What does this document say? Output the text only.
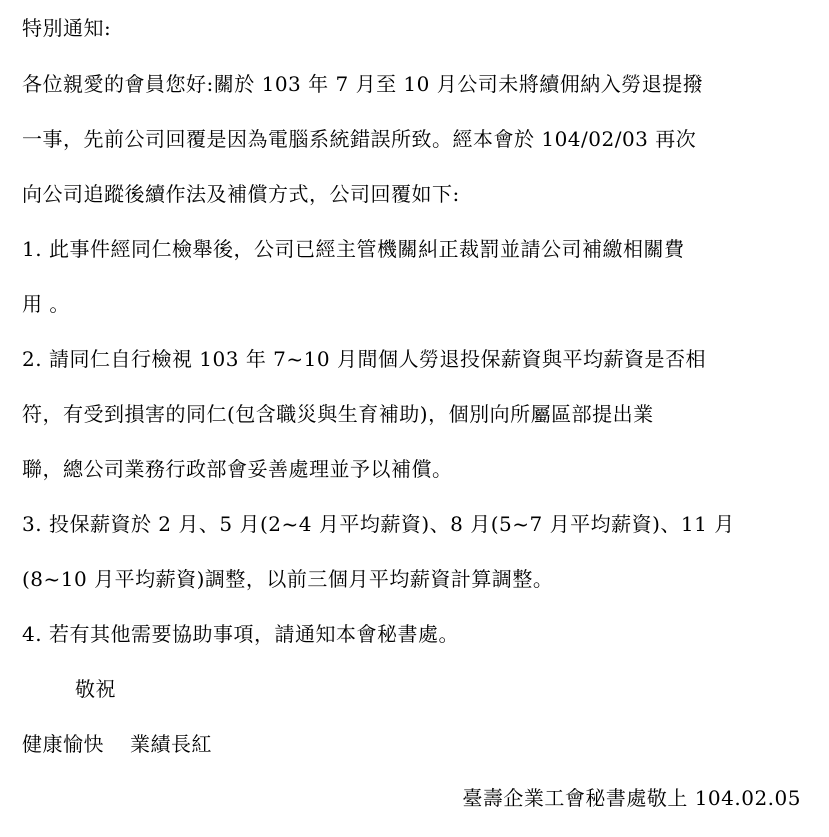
特別通知:
各位親愛的會員您好:關於 103 年 7 月至 10 月公司未將續佣納入勞退提撥
一事，先前公司回覆是因為電腦系統錯誤所致。經本會於 104/02/03 再次
向公司追蹤後續作法及補償方式，公司回覆如下:
1. 此事件經同仁檢舉後，公司已經主管機關糾正裁罰並請公司補繳相關費
用 。
2. 請同仁自行檢視 103 年 7~10 月間個人勞退投保薪資與平均薪資是否相
符，有受到損害的同仁(包含職災與生育補助)，個別向所屬區部提出業
聯，總公司業務行政部會妥善處理並予以補償。
3. 投保薪資於 2 月、5 月(2~4 月平均薪資)、8 月(5~7 月平均薪資)、11 月
(8~10 月平均薪資)調整，以前三個月平均薪資計算調整。
4. 若有其他需要協助事項，請通知本會秘書處。
敬祝
健康愉快 業績長紅
臺壽企業工會秘書處敬上 104.02.05
